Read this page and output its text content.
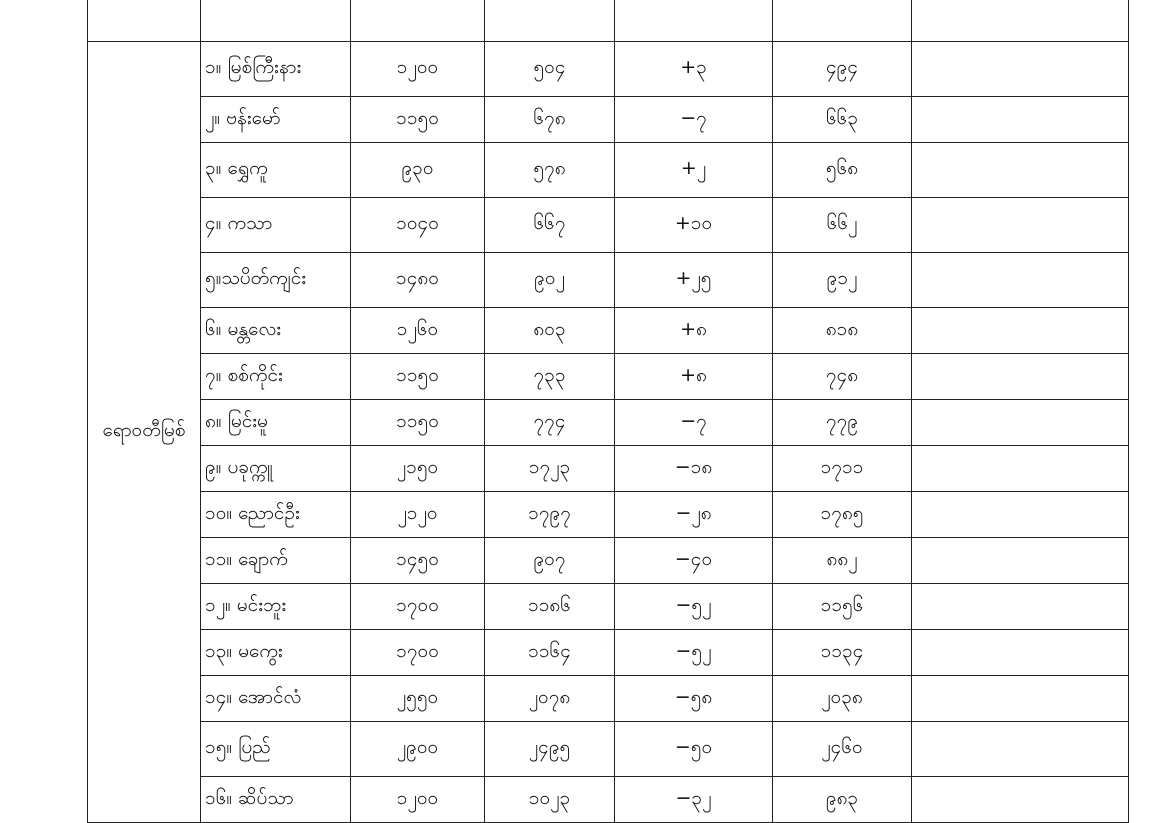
ရောဝတီမြစ်	၁။ မြစ်ကြီးနား	၁၂၀၀	၅၀၄	+၃	၄၉၄	
	၂။ ဗန်းမော်	၁၁၅၀	၆၇၈	−၇	၆၆၃	
	၃။ ရွှေကူ	၉၃၀	၅၇၈	+၂	၅၆၈	
	၄။ ကသာ	၁၀၄၀	၆၆၇	+၁၀	၆၆၂	
	၅။သပိတ်ကျင်း	၁၄၈၀	၉၀၂	+၂၅	၉၁၂	
	၆။ မန္တလေး	၁၂၆၀	၈၀၃	+၈	၈၁၈	
	၇။ စစ်ကိုင်း	၁၁၅၀	၇၃၃	+၈	၇၄၈	
	၈။ မြင်းမူ	၁၁၅၀	၇၇၄	−၇	၇၇၉	
	၉။ ပခုက္ကူ	၂၁၅၀	၁၇၂၃	−၁၈	၁၇၁၁	
	၁၀။ ညောင်ဦး	၂၁၂၀	၁၇၉၇	−၂၈	၁၇၈၅	
	၁၁။ ချောက်	၁၄၅၀	၉၀၇	−၄၀	၈၈၂	
	၁၂။ မင်းဘူး	၁၇၀၀	၁၁၈၆	−၅၂	၁၁၅၆	
	၁၃။ မကွေး	၁၇၀၀	၁၁၆၄	−၅၂	၁၁၃၄	
	၁၄။ အောင်လံ	၂၅၅၀	၂၀၇၈	−၅၈	၂၀၃၈	
	၁၅။ ပြည်	၂၉၀၀	၂၄၉၅	−၅၀	၂၄၆၀	
	၁၆။ ဆိပ်သာ	၁၂၀၀	၁၀၂၃	−၃၂	၉၈၃	
